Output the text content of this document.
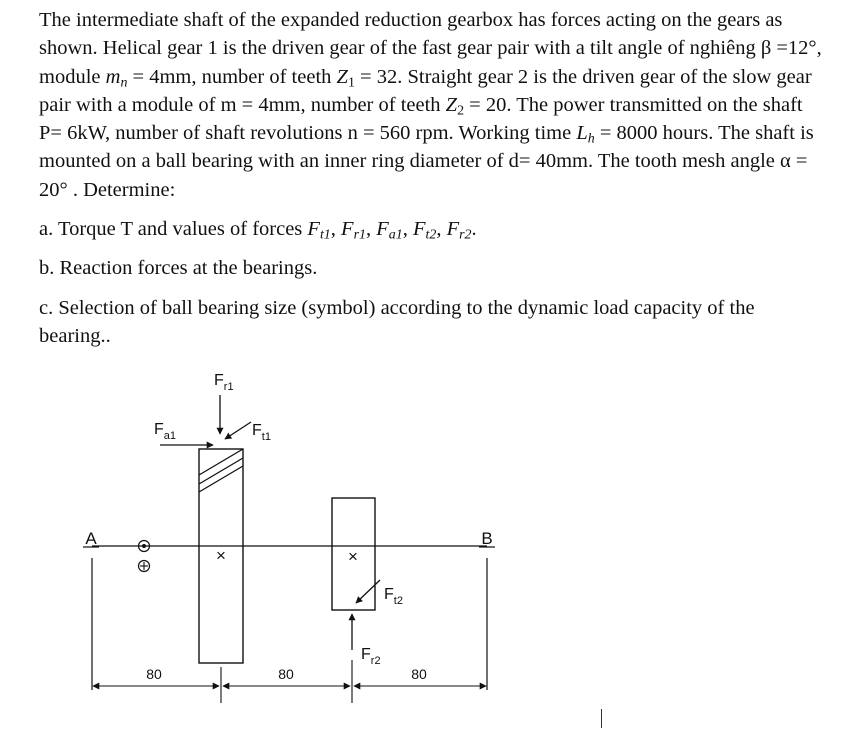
The intermediate shaft of the expanded reduction gearbox has forces acting on the gears as shown. Helical gear 1 is the driven gear of the fast gear pair with a tilt angle of nghiêng β =12°, module $m_n = 4mm$, number of teeth $Z_1 = 32$. Straight gear 2 is the driven gear of the slow gear pair with a module of m = 4mm, number of teeth $Z_2 = 20$. The power transmitted on the shaft P= 6kW, number of shaft revolutions n = 560 rpm. Working time $L_h = 8000$ hours. The shaft is mounted on a ball bearing with an inner ring diameter of d= 40mm. The tooth mesh angle α = 20° . Determine:

a. Torque T and values of forces $F_{t1}$, $F_{r1}$, $F_{a1}$, $F_{t2}$, $F_{r2}$.

b. Reaction forces at the bearings.

c. Selection of ball bearing size (symbol) according to the dynamic load capacity of the bearing..

×	×
A	B
$F_{r1}$
$F_{a1}$	$F_{t1}$
$F_{t2}$
$F_{r2}$
80	80	80
